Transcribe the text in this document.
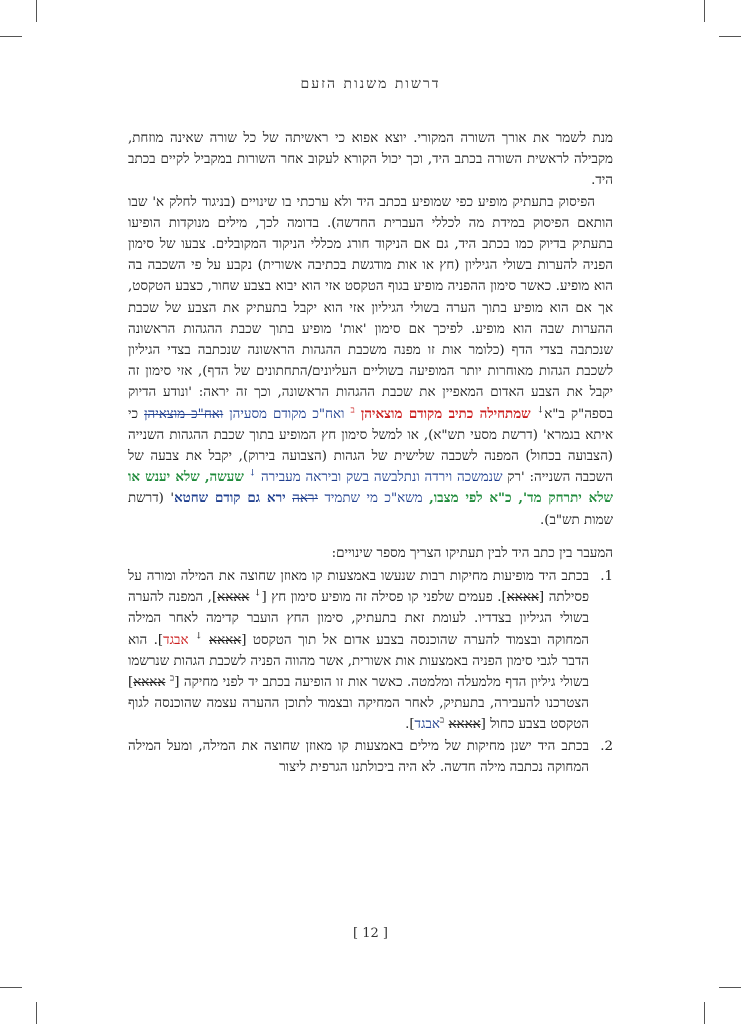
דרשות משנות הזעם

מנת לשמר את אורך השורה המקורי. יוצא אפוא כי ראשיתה של כל שורה שאינה מוזחת, מקבילה לראשית השורה בכתב היד, וכך יכול הקורא לעקוב אחר השורות במקביל לקיים בכתב היד.

הפיסוק בתעתיק מופיע כפי שמופיע בכתב היד ולא ערכתי בו שינויים (בניגוד לחלק א' שבו הותאם הפיסוק במידת מה לכללי העברית החדשה). בדומה לכך, מילים מנוקדות הופיעו בתעתיק בדיוק כמו בכתב היד, גם אם הניקוד חורג מכללי הניקוד המקובלים. צבעו של סימון הפניה להערות בשולי הגיליון (חץ או אות מודגשת בכתיבה אשורית) נקבע על פי השכבה בה הוא מופיע. כאשר סימון ההפניה מופיע בגוף הטקסט אזי הוא יבוא בצבע שחור, כצבע הטקסט, אך אם הוא מופיע בתוך הערה בשולי הגיליון אזי הוא יקבל בתעתיק את הצבע של שכבת ההערות שבה הוא מופיע. לפיכך אם סימון 'אות' מופיע בתוך שכבת ההגהות הראשונה שנכתבה בצדי הדף (כלומר אות זו מפנה משכבת ההגהות הראשונה שנכתבה בצדי הגיליון לשכבת הגהות מאוחרות יותר המופיעה בשוליים העליונים/התחתונים של הדף), אזי סימון זה יקבל את הצבע האדום המאפיין את שכבת ההגהות הראשונה, וכך זה יראה: 'ונודע הדיוק בספה"ק ב"א↓ שמתחילה כתיב מקודם מוצאיהן $^ב$ ואח"כ מקודם מסעיהן ואח"כ מוצאיהן כי איתא בגמרא' (דרשת מסעי תש"א), או למשל סימון חץ המופיע בתוך שכבת ההגהות השנייה (הצבועה בכחול) המפנה לשכבה שלישית של הגהות (הצבועה בירוק), יקבל את צבעה של השכבה השנייה: 'רק שנמשכה וירדה ונתלבשה בשק וביראה מעבירה ↓ שעשה, שלא יענש או שלא יתרחק מד', כ"א לפי מצבו, משא"כ מי שתמיד יראה ירא גם קודם שחטא' (דרשת שמות תש"ב).

המעבר בין כתב היד לבין תעתיקו הצריך מספר שינויים:

1.
בכתב היד מופיעות מחיקות רבות שנעשו באמצעות קו מאוזן שחוצה את המילה ומורה על פסילתה [אאאא]. פעמים שלפני קו פסילה זה מופיע סימון חץ [↓ אאאא], המפנה להערה בשולי הגיליון בצדדיו. לעומת זאת בתעתיק, סימון החץ הועבר קדימה לאחר המילה המחוקה ובצמוד להערה שהוכנסה בצבע אדום אל תוך הטקסט [אאאא ↓ אבגד]. הוא הדבר לגבי סימון הפניה באמצעות אות אשורית, אשר מהווה הפניה לשכבת הגהות שנרשמו בשולי גיליון הדף מלמעלה ומלמטה. כאשר אות זו הופיעה בכתב יד לפני מחיקה [$^ב$ אאאא] הצטרכנו להעבירה, בתעתיק, לאחר המחיקה ובצמוד לתוכן ההערה עצמה שהוכנסה לגוף הטקסט בצבע כחול [אאאא $^ב$אבגד].
2.
בכתב היד ישנן מחיקות של מילים באמצעות קו מאוזן שחוצה את המילה, ומעל המילה המחוקה נכתבה מילה חדשה. לא היה ביכולתנו הגרפית ליצור
[ 12 ]
